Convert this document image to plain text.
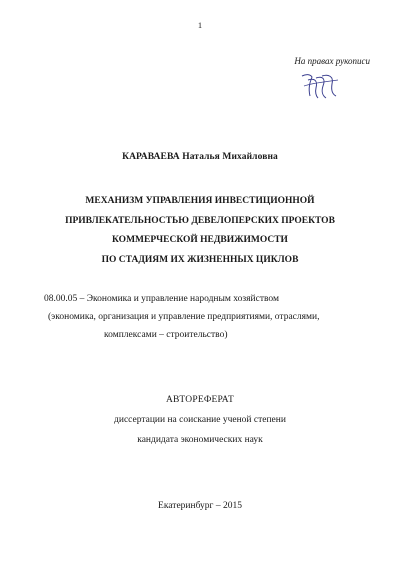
1
На правах рукописи
КАРАВАЕВА Наталья Михайловна
МЕХАНИЗМ УПРАВЛЕНИЯ ИНВЕСТИЦИОННОЙ
ПРИВЛЕКАТЕЛЬНОСТЬЮ ДЕВЕЛОПЕРСКИХ ПРОЕКТОВ
КОММЕРЧЕСКОЙ НЕДВИЖИМОСТИ
ПО СТАДИЯМ ИХ ЖИЗНЕННЫХ ЦИКЛОВ
08.00.05 – Экономика и управление народным хозяйством
(экономика, организация и управление предприятиями, отраслями,
комплексами – строительство)
АВТОРЕФЕРАТ
диссертации на соискание ученой степени
кандидата экономических наук
Екатеринбург – 2015
